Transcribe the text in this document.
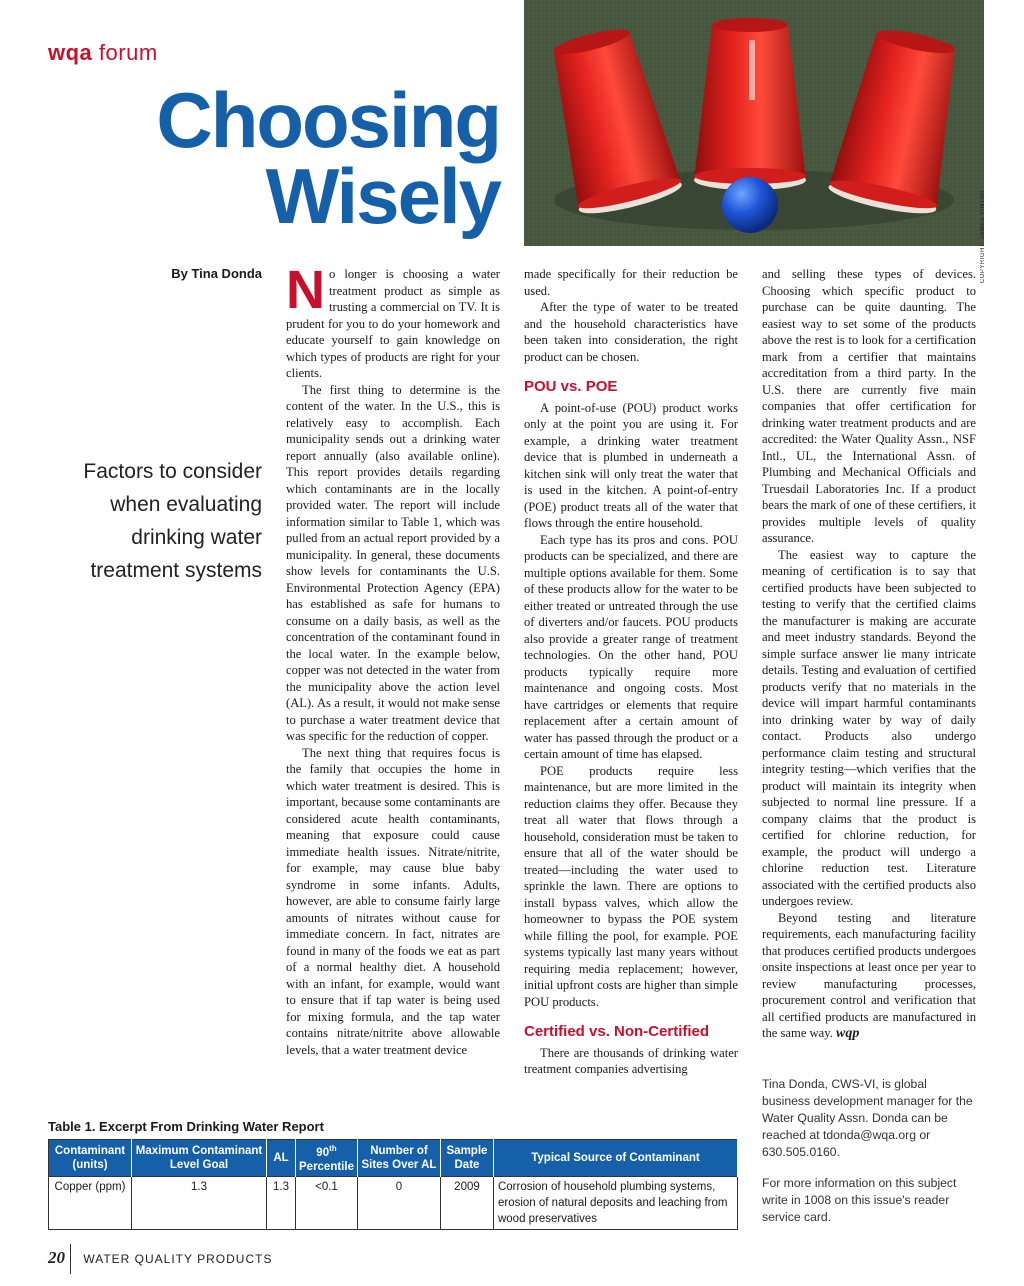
wqa forum
Choosing
Wisely	COPYRIGHT: JAMES PINTAR
By Tina Donda
Factors to consider when evaluating drinking water treatment systems

No longer is choosing a water treatment product as simple as trusting a commercial on TV. It is prudent for you to do your homework and educate yourself to gain knowledge on which types of products are right for your clients.

The first thing to determine is the content of the water. In the U.S., this is relatively easy to accomplish. Each municipality sends out a drinking water report annually (also available online). This report provides details regarding which contaminants are in the locally provided water. The report will include information similar to Table 1, which was pulled from an actual report provided by a municipality. In general, these documents show levels for contaminants the U.S. Environmental Protection Agency (EPA) has established as safe for humans to consume on a daily basis, as well as the concentration of the contaminant found in the local water. In the example below, copper was not detected in the water from the municipality above the action level (AL). As a result, it would not make sense to purchase a water treatment device that was specific for the reduction of copper.

The next thing that requires focus is the family that occupies the home in which water treatment is desired. This is important, because some contaminants are considered acute health contaminants, meaning that exposure could cause immediate health issues. Nitrate/nitrite, for example, may cause blue baby syndrome in some infants. Adults, however, are able to consume fairly large amounts of nitrates without cause for immediate concern. In fact, nitrates are found in many of the foods we eat as part of a normal healthy diet. A household with an infant, for example, would want to ensure that if tap water is being used for mixing formula, and the tap water contains nitrate/nitrite above allowable levels, that a water treatment device

made specifically for their reduction be used.

After the type of water to be treated and the household characteristics have been taken into consideration, the right product can be chosen.

POU vs. POE

A point-of-use (POU) product works only at the point you are using it. For example, a drinking water treatment device that is plumbed in underneath a kitchen sink will only treat the water that is used in the kitchen. A point-of-entry (POE) product treats all of the water that flows through the entire household.

Each type has its pros and cons. POU products can be specialized, and there are multiple options available for them. Some of these products allow for the water to be either treated or untreated through the use of diverters and/or faucets. POU products also provide a greater range of treatment technologies. On the other hand, POU products typically require more maintenance and ongoing costs. Most have cartridges or elements that require replacement after a certain amount of water has passed through the product or a certain amount of time has elapsed.

POE products require less maintenance, but are more limited in the reduction claims they offer. Because they treat all water that flows through a household, consideration must be taken to ensure that all of the water should be treated—including the water used to sprinkle the lawn. There are options to install bypass valves, which allow the homeowner to bypass the POE system while filling the pool, for example. POE systems typically last many years without requiring media replacement; however, initial upfront costs are higher than simple POU products.

Certified vs. Non-Certified

There are thousands of drinking water treatment companies advertising

and selling these types of devices. Choosing which specific product to purchase can be quite daunting. The easiest way to set some of the products above the rest is to look for a certification mark from a certifier that maintains accreditation from a third party. In the U.S. there are currently five main companies that offer certification for drinking water treatment products and are accredited: the Water Quality Assn., NSF Intl., UL, the International Assn. of Plumbing and Mechanical Officials and Truesdail Laboratories Inc. If a product bears the mark of one of these certifiers, it provides multiple levels of quality assurance.

The easiest way to capture the meaning of certification is to say that certified products have been subjected to testing to verify that the certified claims the manufacturer is making are accurate and meet industry standards. Beyond the simple surface answer lie many intricate details. Testing and evaluation of certified products verify that no materials in the device will impart harmful contaminants into drinking water by way of daily contact. Products also undergo performance claim testing and structural integrity testing—which verifies that the product will maintain its integrity when subjected to normal line pressure. If a company claims that the product is certified for chlorine reduction, for example, the product will undergo a chlorine reduction test. Literature associated with the certified products also undergoes review.

Beyond testing and literature requirements, each manufacturing facility that produces certified products undergoes onsite inspections at least once per year to review manufacturing processes, procurement control and verification that all certified products are manufactured in the same way. wqp

Tina Donda, CWS-VI, is global business development manager for the Water Quality Assn. Donda can be reached at tdonda@wqa.org or 630.505.0160.

For more information on this subject write in 1008 on this issue's reader service card.

Table 1. Excerpt From Drinking Water Report
Contaminant (units)	Maximum Contaminant Level Goal	AL	90th Percentile	Number of Sites Over AL	Sample Date	Typical Source of Contaminant
Copper (ppm)	1.3	1.3	<0.1	0	2009	Corrosion of household plumbing systems, erosion of natural deposits and leaching from wood preservatives
20 WATER QUALITY PRODUCTS
